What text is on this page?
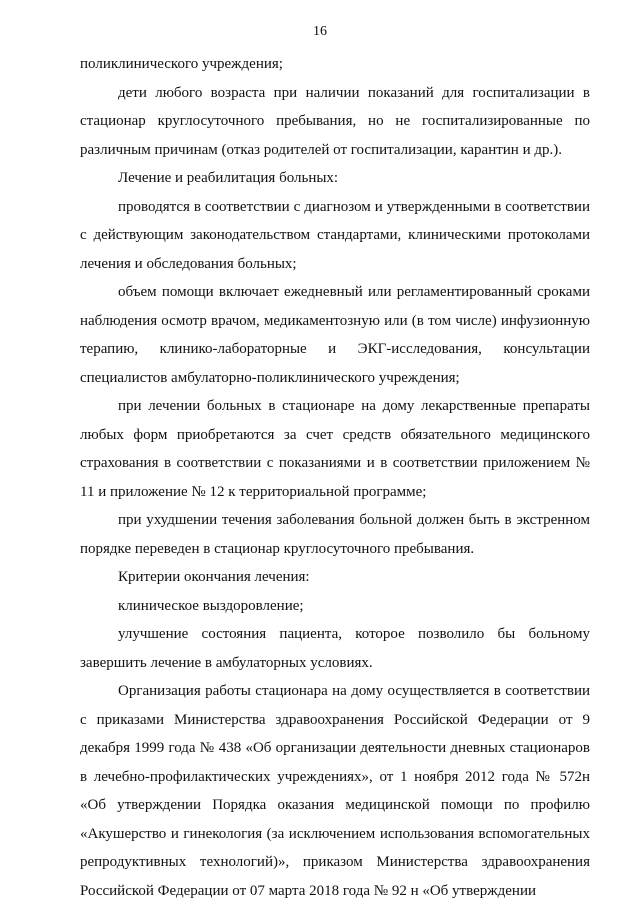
16

поликлинического учреждения;

дети любого возраста при наличии показаний для госпитализации в стационар круглосуточного пребывания, но не госпитализированные по различным причинам (отказ родителей от госпитализации, карантин и др.).

Лечение и реабилитация больных:

проводятся в соответствии с диагнозом и утвержденными в соответствии с действующим законодательством стандартами, клиническими протоколами лечения и обследования больных;

объем помощи включает ежедневный или регламентированный сроками наблюдения осмотр врачом, медикаментозную или (в том числе) инфузионную терапию, клинико-лабораторные и ЭКГ-исследования, консультации специалистов амбулаторно-поликлинического учреждения;

при лечении больных в стационаре на дому лекарственные препараты любых форм приобретаются за счет средств обязательного медицинского страхования в соответствии с показаниями и в соответствии приложением № 11 и приложение № 12 к территориальной программе;

при ухудшении течения заболевания больной должен быть в экстренном порядке переведен в стационар круглосуточного пребывания.

Критерии окончания лечения:

клиническое выздоровление;

улучшение состояния пациента, которое позволило бы больному завершить лечение в амбулаторных условиях.

Организация работы стационара на дому осуществляется в соответствии с приказами Министерства здравоохранения Российской Федерации от 9 декабря 1999 года № 438 «Об организации деятельности дневных стационаров в лечебно-профилактических учреждениях», от 1 ноября 2012 года № 572н «Об утверждении Порядка оказания медицинской помощи по профилю «Акушерство и гинекология (за исключением использования вспомогательных репродуктивных технологий)», приказом Министерства здравоохранения Российской Федерации от 07 марта 2018 года № 92 н «Об утверждении
